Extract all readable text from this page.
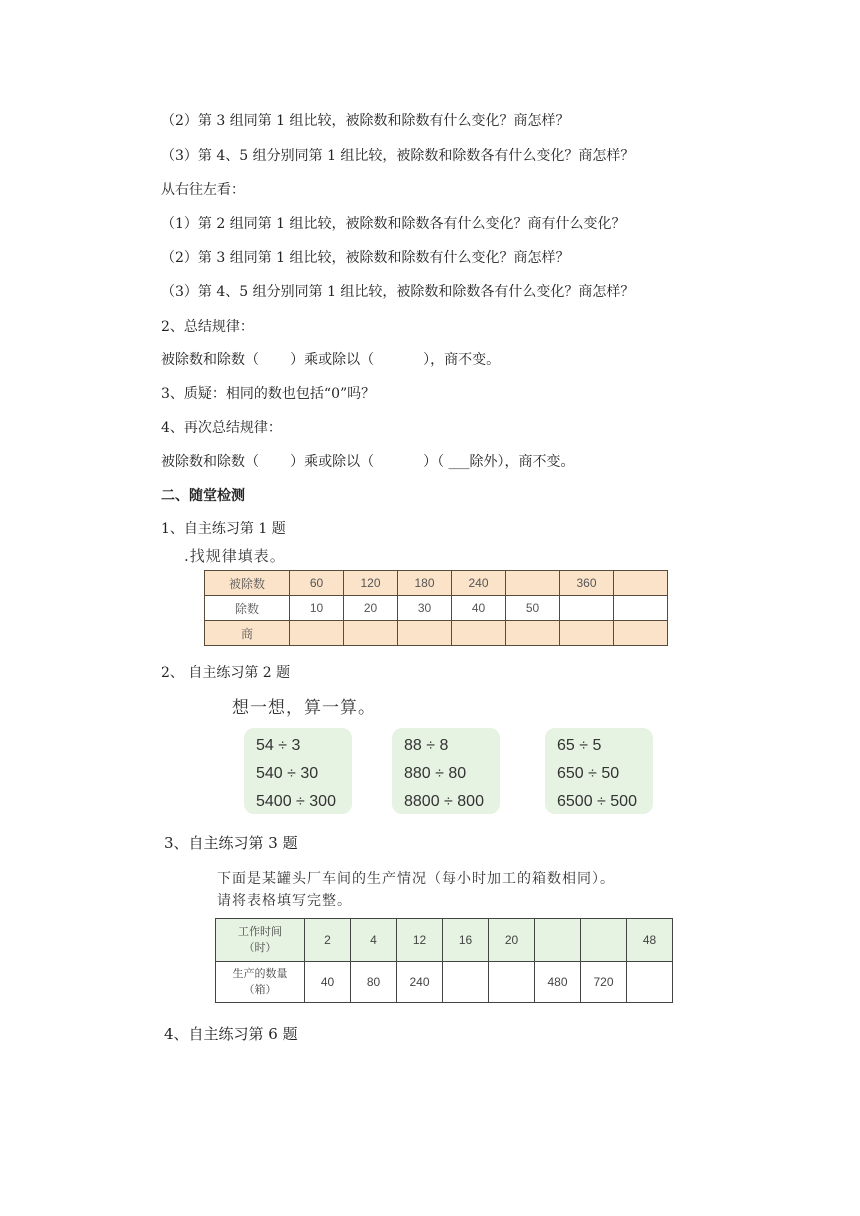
（2）第 3 组同第 1 组比较，被除数和除数有什么变化？商怎样？
（3）第 4、5 组分别同第 1 组比较，被除数和除数各有什么变化？商怎样？
从右往左看：
（1）第 2 组同第 1 组比较，被除数和除数各有什么变化？商有什么变化？
（2）第 3 组同第 1 组比较，被除数和除数有什么变化？商怎样？
（3）第 4、5 组分别同第 1 组比较，被除数和除数各有什么变化？商怎样？
2、总结规律：
被除数和除数（       ）乘或除以（           ），商不变。
3、质疑：相同的数也包括“0”吗？
4、再次总结规律：
被除数和除数（       ）乘或除以（           ）（ ___除外），商不变。
二、随堂检测
1、自主练习第 1 题
.找规律填表。
被除数	60	120	180	240		360	
除数	10	20	30	40	50		
商							
2、 自主练习第 2 题
想一想，算一算。
54 ÷ 3
540 ÷ 30
5400 ÷ 300
88 ÷ 8
880 ÷ 80
8800 ÷ 800
65 ÷ 5
650 ÷ 50
6500 ÷ 500
3、自主练习第 3 题
下面是某罐头厂车间的生产情况（每小时加工的箱数相同）。
请将表格填写完整。
工作时间
（时）	2	4	12	16	20			48

生产的数量
（箱）	40	80	240			480	720	
4、自主练习第 6 题
